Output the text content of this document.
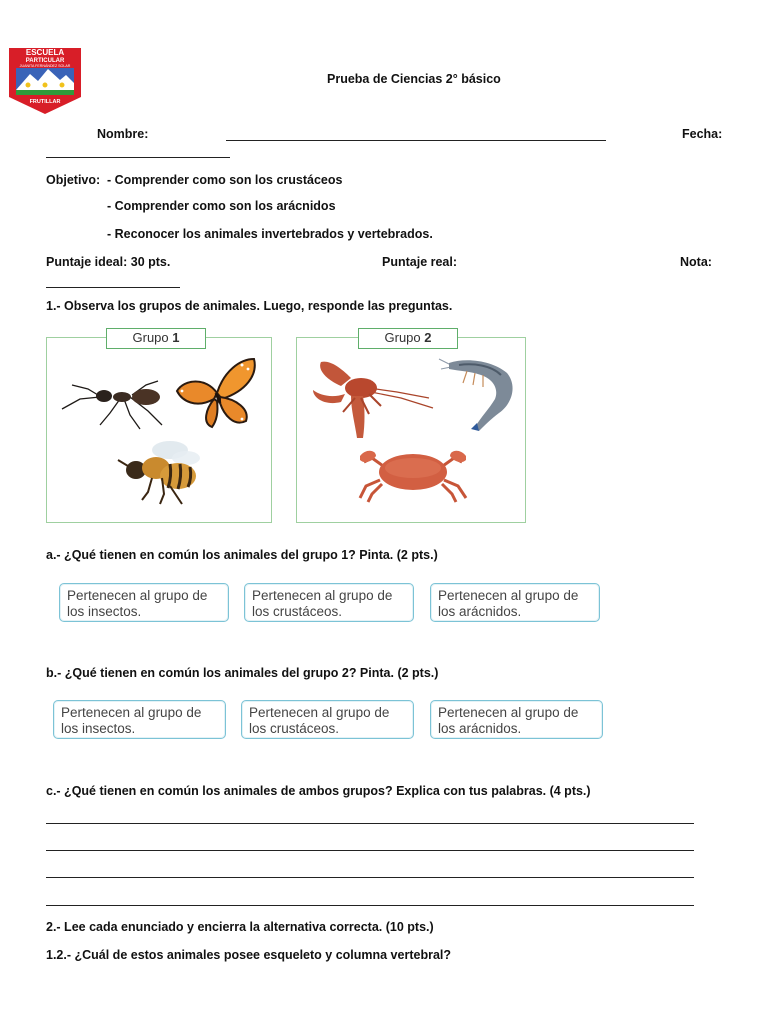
ESCUELA
PARTICULAR
JUANITA FERNÁNDEZ SOLAR
FRUTILLAR
Prueba de Ciencias 2° básico
Nombre:	Fecha:
Objetivo: - Comprender como son los crustáceos
- Comprender como son los arácnidos
- Reconocer los animales invertebrados y vertebrados.
Puntaje ideal: 30 pts.	Puntaje real:	Nota:
1.- Observa los grupos de animales. Luego, responde las preguntas.
Grupo 1	Grupo 2
a.- ¿Qué tienen en común los animales del grupo 1? Pinta. (2 pts.)
Pertenecen al grupo de
los insectos.
Pertenecen al grupo de
los crustáceos.
Pertenecen al grupo de
los arácnidos.
b.- ¿Qué tienen en común los animales del grupo 2? Pinta. (2 pts.)
Pertenecen al grupo de
los insectos.
Pertenecen al grupo de
los crustáceos.
Pertenecen al grupo de
los arácnidos.
c.- ¿Qué tienen en común los animales de ambos grupos? Explica con tus palabras. (4 pts.)
2.- Lee cada enunciado y encierra la alternativa correcta. (10 pts.)
1.2.- ¿Cuál de estos animales posee esqueleto y columna vertebral?
